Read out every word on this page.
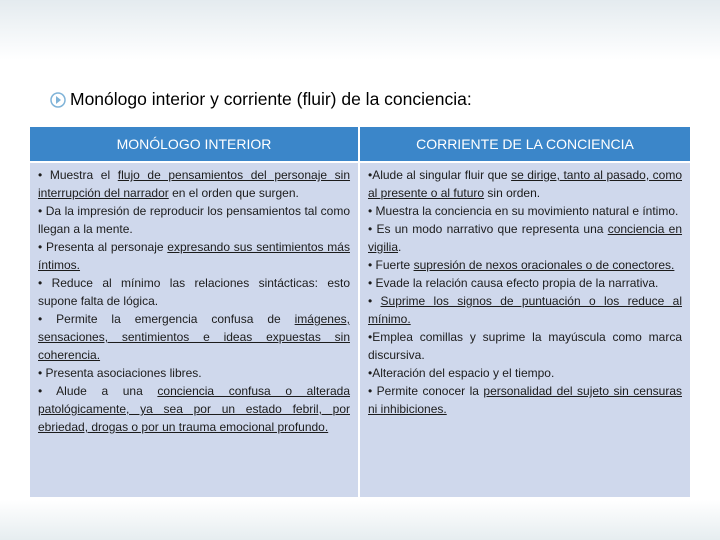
Monólogo interior y corriente (fluir) de la conciencia:
MONÓLOGO INTERIOR	CORRIENTE DE LA CONCIENCIA
• Muestra el flujo de pensamientos del personaje sin interrupción del narrador en el orden que surgen.
• Da la impresión de reproducir los pensamientos tal como llegan a la mente.
• Presenta al personaje expresando sus sentimientos más íntimos.
• Reduce al mínimo las relaciones sintácticas: esto supone falta de lógica.
• Permite la emergencia confusa de imágenes, sensaciones, sentimientos e ideas expuestas sin coherencia.
• Presenta asociaciones libres.
• Alude a una conciencia confusa o alterada patológicamente, ya sea por un estado febril, por ebriedad, drogas o por un trauma emocional profundo.
•Alude al singular fluir que se dirige, tanto al pasado, como al presente o al futuro sin orden.
• Muestra la conciencia en su movimiento natural e íntimo.
• Es un modo narrativo que representa una conciencia en vigilia.
• Fuerte supresión de nexos oracionales o de conectores.
• Evade la relación causa efecto propia de la narrativa.
• Suprime los signos de puntuación o los reduce al mínimo.
•Emplea comillas y suprime la mayúscula como marca discursiva.
•Alteración del espacio y el tiempo.
• Permite conocer la personalidad del sujeto sin censuras ni inhibiciones.
